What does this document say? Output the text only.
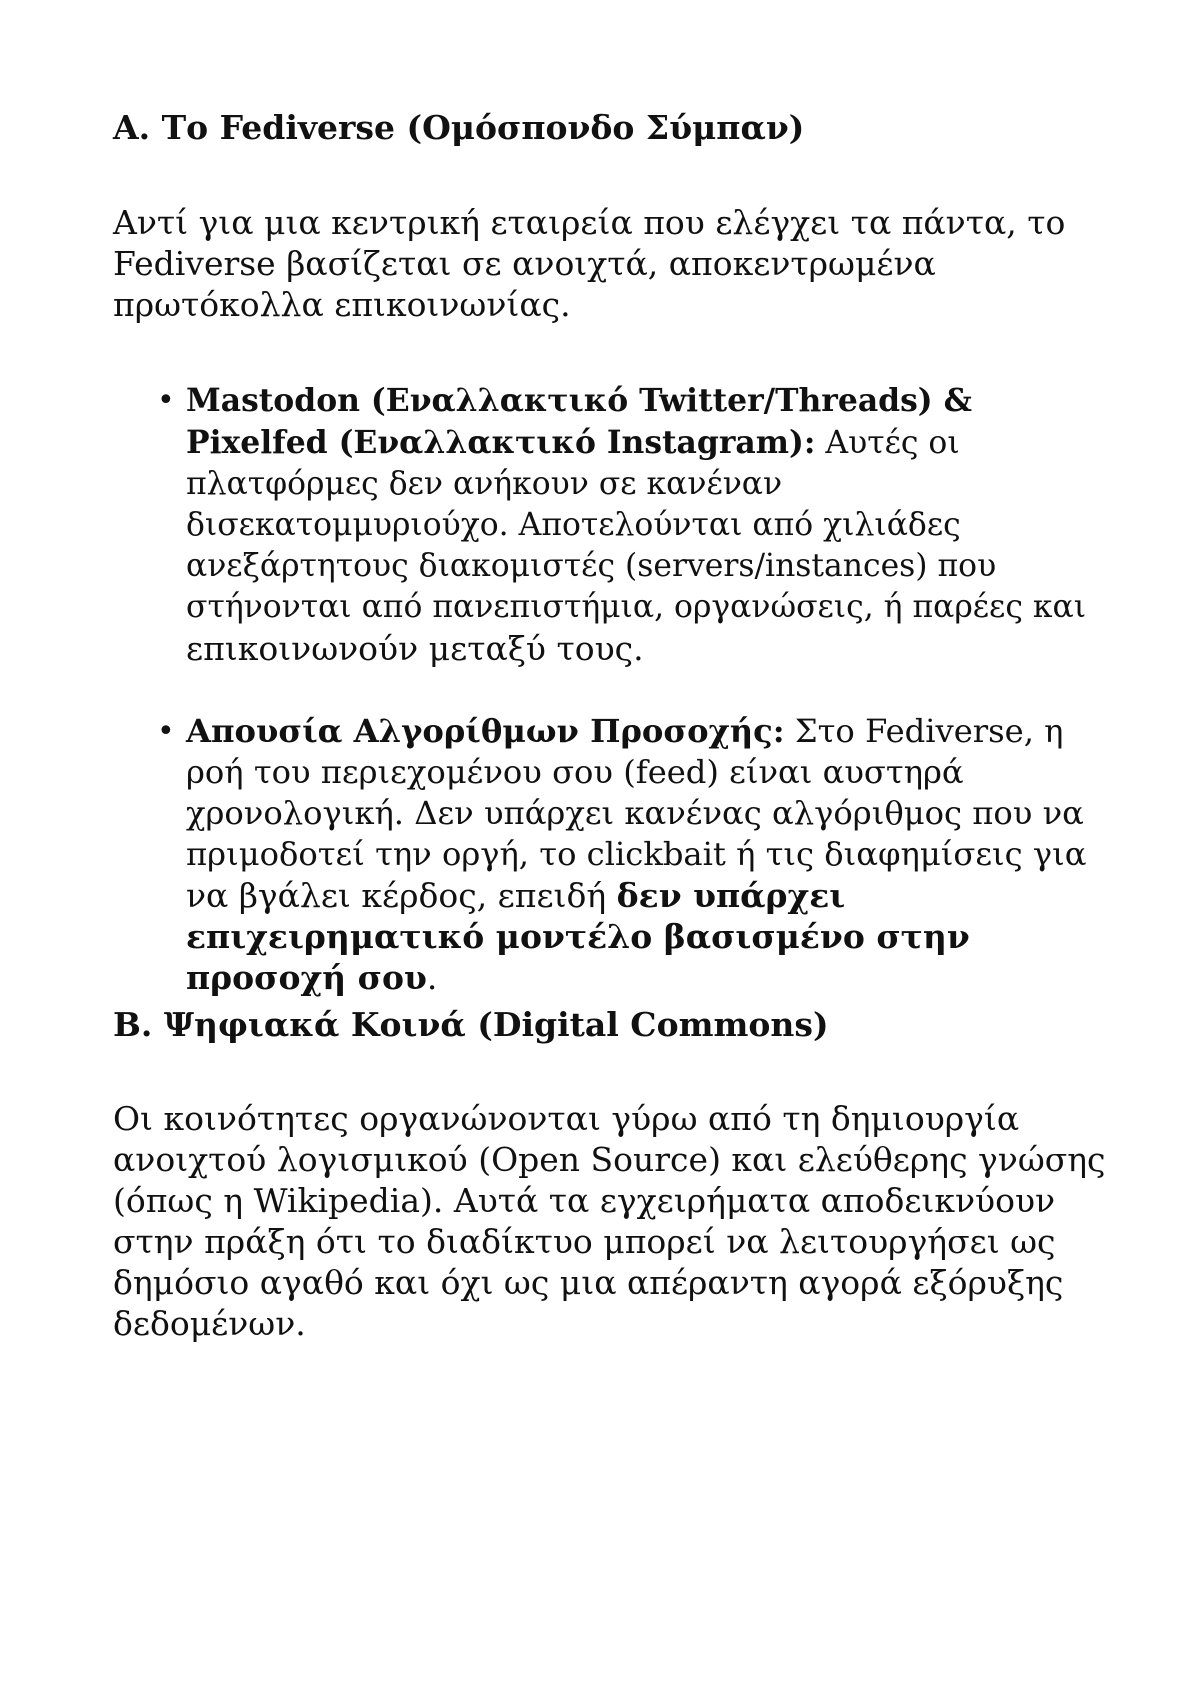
A. Το Fediverse (Ομόσπονδο Σύμπαν)

Αντί για μια κεντρική εταιρεία που ελέγχει τα πάντα, το
Fediverse βασίζεται σε ανοιχτά, αποκεντρωμένα
πρωτόκολλα επικοινωνίας.

• Mastodon (Εναλλακτικό Twitter/Threads) &
Pixelfed (Εναλλακτικό Instagram): Αυτές οι
πλατφόρμες δεν ανήκουν σε κανέναν
δισεκατομμυριούχο. Αποτελούνται από χιλιάδες
ανεξάρτητους διακομιστές (servers/instances) που
στήνονται από πανεπιστήμια, οργανώσεις, ή παρέες και
επικοινωνούν μεταξύ τους.
• Απουσία Αλγορίθμων Προσοχής: Στο Fediverse, η
ροή του περιεχομένου σου (feed) είναι αυστηρά
χρονολογική. Δεν υπάρχει κανένας αλγόριθμος που να
πριμοδοτεί την οργή, το clickbait ή τις διαφημίσεις για
να βγάλει κέρδος, επειδή δεν υπάρχει
επιχειρηματικό μοντέλο βασισμένο στην
προσοχή σου.
B. Ψηφιακά Κοινά (Digital Commons)

Οι κοινότητες οργανώνονται γύρω από τη δημιουργία
ανοιχτού λογισμικού (Open Source) και ελεύθερης γνώσης
(όπως η Wikipedia). Αυτά τα εγχειρήματα αποδεικνύουν
στην πράξη ότι το διαδίκτυο μπορεί να λειτουργήσει ως
δημόσιο αγαθό και όχι ως μια απέραντη αγορά εξόρυξης
δεδομένων.
